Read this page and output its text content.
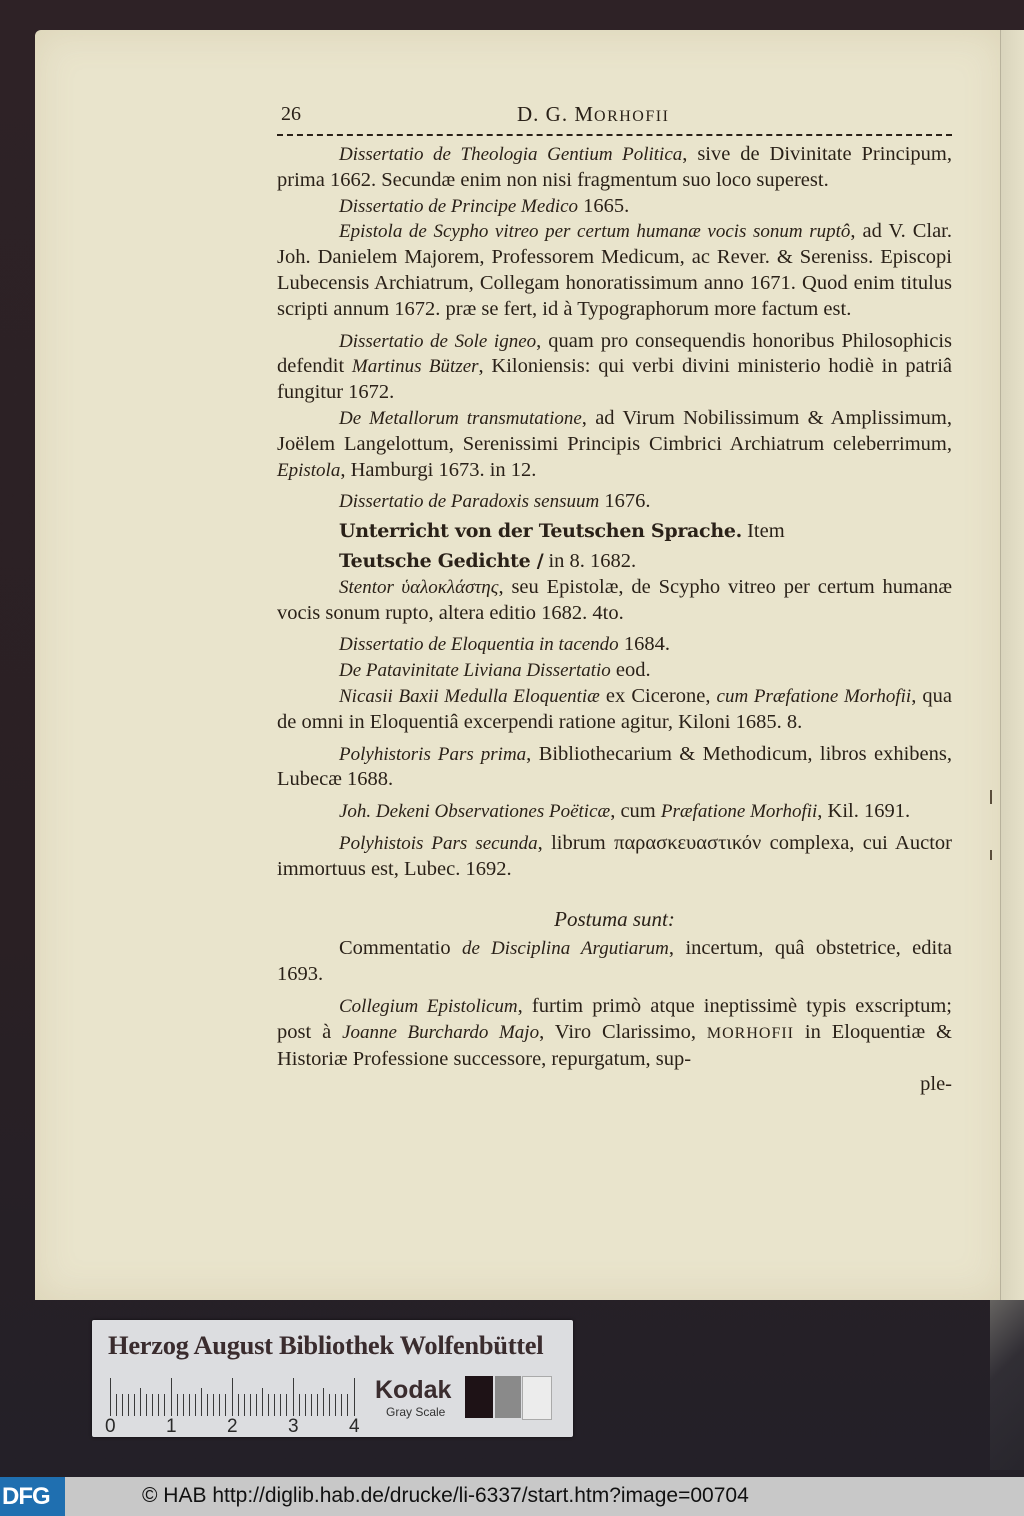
26	D. G. MORHOFII

Dissertatio de Theologia Gentium Politica, sive de Divinitate Principum, prima 1662. Secundæ enim non nisi fragmentum suo loco superest.

Dissertatio de Principe Medico 1665.

Epistola de Scypho vitreo per certum humanæ vocis sonum ruptô, ad V. Clar. Joh. Danielem Majorem, Professorem Medicum, ac Rever. & Sereniss. Episcopi Lubecensis Archiatrum, Collegam honoratissimum anno 1671. Quod enim titulus scripti annum 1672. præ se fert, id à Typographorum more factum est.

Dissertatio de Sole igneo, quam pro consequendis honoribus Philosophicis defendit Martinus Bützer, Kiloniensis: qui verbi divini ministerio hodiè in patriâ fungitur 1672.

De Metallorum transmutatione, ad Virum Nobilissimum & Amplissimum, Joëlem Langelottum, Serenissimi Principis Cimbrici Archiatrum celeberrimum, Epistola, Hamburgi 1673. in 12.

Dissertatio de Paradoxis sensuum 1676.

Unterricht von der Teutschen Sprache. Item

Teutsche Gedichte / in 8. 1682.

Stentor ὑαλοκλάστης, seu Epistolæ, de Scypho vitreo per certum humanæ vocis sonum rupto, altera editio 1682. 4to.

Dissertatio de Eloquentia in tacendo 1684.

De Patavinitate Liviana Dissertatio eod.

Nicasii Baxii Medulla Eloquentiæ ex Cicerone, cum Præfatione Morhofii, qua de omni in Eloquentiâ excerpendi ratione agitur, Kiloni 1685. 8.

Polyhistoris Pars prima, Bibliothecarium & Methodicum, libros exhibens, Lubecæ 1688.

Joh. Dekeni Observationes Poëticæ, cum Præfatione Morhofii, Kil. 1691.

Polyhistois Pars secunda, librum παρασκευαστικόν complexa, cui Auctor immortuus est, Lubec. 1692.

Postuma sunt:

Commentatio de Disciplina Argutiarum, incertum, quâ obstetrice, edita 1693.

Collegium Epistolicum, furtim primò atque ineptissimè typis exscriptum; post à Joanne Burchardo Majo, Viro Clarissimo, MORHOFII in Eloquentiæ & Historiæ Professione successore, repurgatum, sup-

ple-

Herzog August Bibliothek Wolfenbüttel
0	1	2	3	4
Kodak
Gray Scale
DFG	© HAB http://diglib.hab.de/drucke/li-6337/start.htm?image=00704
